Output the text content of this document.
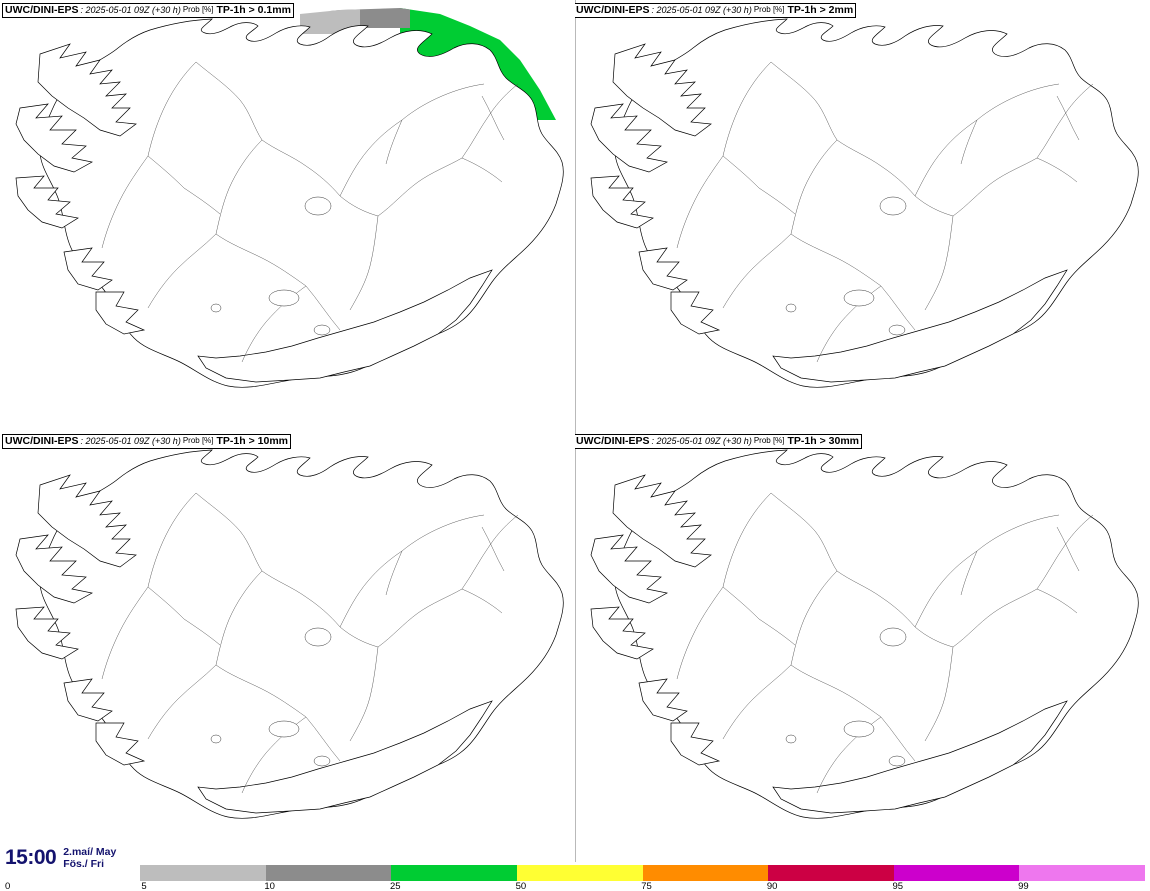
UWC/DINI-EPS : 2025-05-01 09Z (+30 h) Prob [%] TP-1h > 0.1mm	UWC/DINI-EPS : 2025-05-01 09Z (+30 h) Prob [%] TP-1h > 2mm
UWC/DINI-EPS : 2025-05-01 09Z (+30 h) Prob [%] TP-1h > 10mm	UWC/DINI-EPS : 2025-05-01 09Z (+30 h) Prob [%] TP-1h > 30mm
15:00 2.maí/ May
Fös./ Fri
0	5	10	25	50	75	90	95	99
